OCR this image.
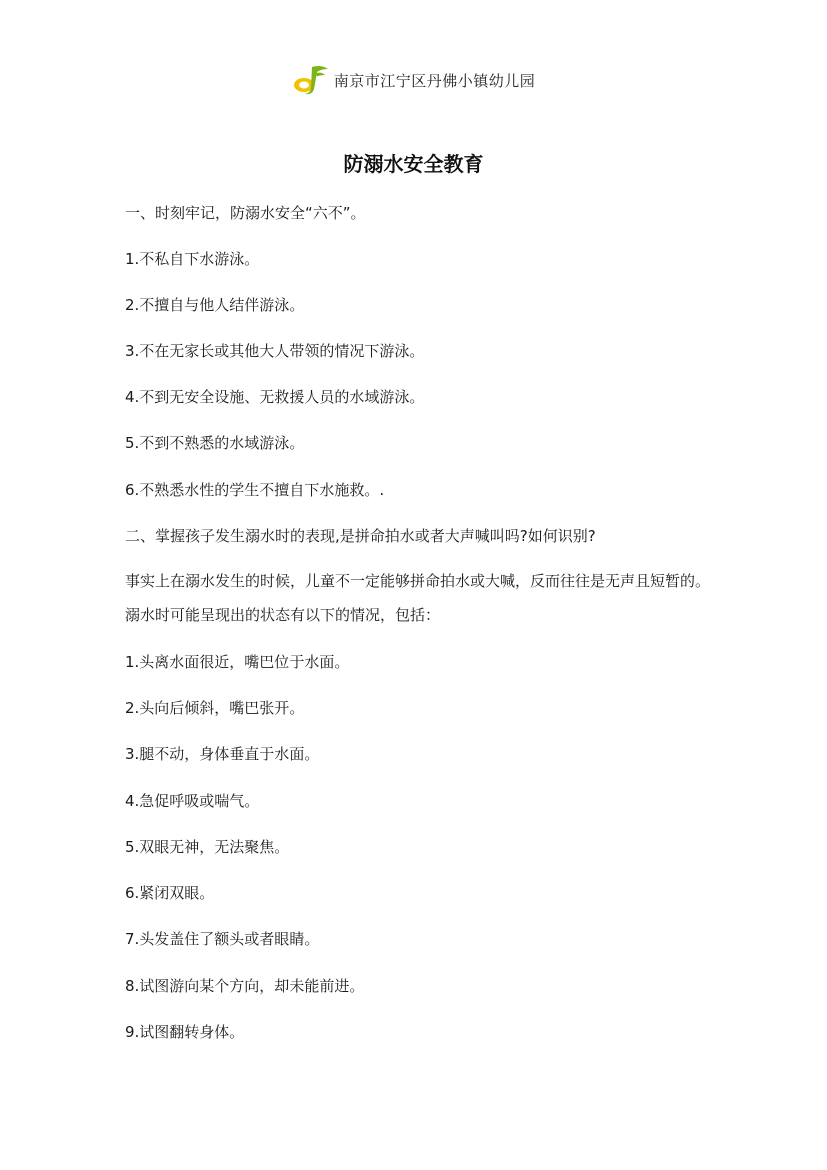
南京市江宁区丹佛小镇幼儿园
防溺水安全教育
一、时刻牢记，防溺水安全“六不”。
1.不私自下水游泳。
2.不擅自与他人结伴游泳。
3.不在无家长或其他大人带领的情况下游泳。
4.不到无安全设施、无救援人员的水域游泳。
5.不到不熟悉的水域游泳。
6.不熟悉水性的学生不擅自下水施救。.
二、掌握孩子发生溺水时的表现,是拼命拍水或者大声喊叫吗?如何识别?
事实上在溺水发生的时候，儿童不一定能够拼命拍水或大喊，反而往往是无声且短暂的。溺水时可能呈现出的状态有以下的情况，包括：
1.头离水面很近，嘴巴位于水面。
2.头向后倾斜，嘴巴张开。
3.腿不动，身体垂直于水面。
4.急促呼吸或喘气。
5.双眼无神，无法聚焦。
6.紧闭双眼。
7.头发盖住了额头或者眼睛。
8.试图游向某个方向，却未能前进。
9.试图翻转身体。
